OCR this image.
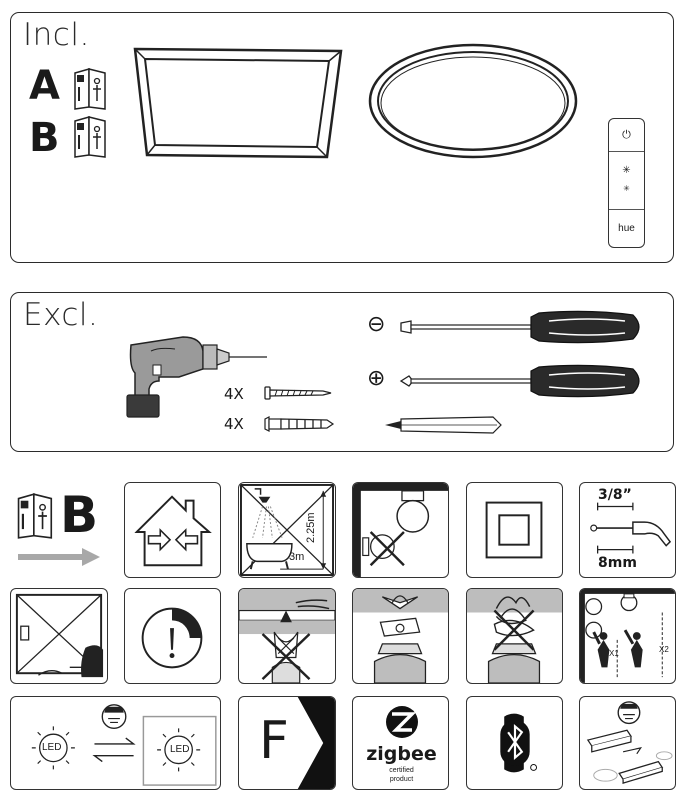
Incl.
A
B	⏻
✳
✳
hue
Excl.
4X
4X
⊖
⊕
B	2.25m
3m
3/8”
8mm
X1	X2
LED	LED F	zigbee
certified
product
